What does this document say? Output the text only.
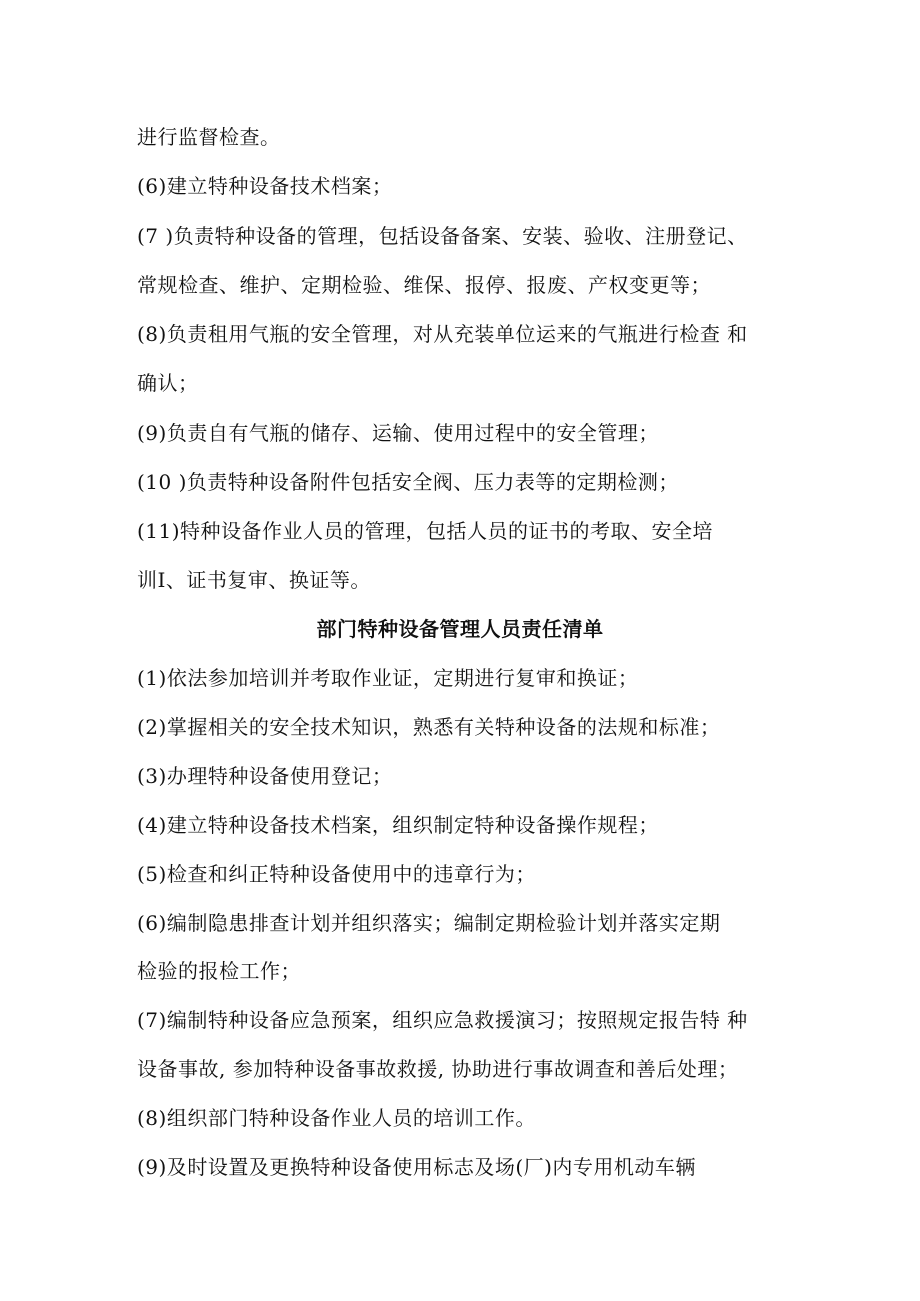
进行监督检查。
(6)建立特种设备技术档案；
(7 )负责特种设备的管理，包括设备备案、安装、验收、注册登记、
常规检查、维护、定期检验、维保、报停、报废、产权变更等；
(8)负责租用气瓶的安全管理，对从充装单位运来的气瓶进行检查 和
确认；
(9)负责自有气瓶的储存、运输、使用过程中的安全管理；
(10 )负责特种设备附件包括安全阀、压力表等的定期检测；
(11)特种设备作业人员的管理，包括人员的证书的考取、安全培
训I、证书复审、换证等。
部门特种设备管理人员责任清单
(1)依法参加培训并考取作业证，定期进行复审和换证；
(2)掌握相关的安全技术知识，熟悉有关特种设备的法规和标准；
(3)办理特种设备使用登记；
(4)建立特种设备技术档案，组织制定特种设备操作规程；
(5)检查和纠正特种设备使用中的违章行为；
(6)编制隐患排查计划并组织落实；编制定期检验计划并落实定期
检验的报检工作；
(7)编制特种设备应急预案，组织应急救援演习；按照规定报告特 种
设备事故, 参加特种设备事故救援, 协助进行事故调查和善后处理；
(8)组织部门特种设备作业人员的培训工作。
(9)及时设置及更换特种设备使用标志及场(厂)内专用机动车辆
